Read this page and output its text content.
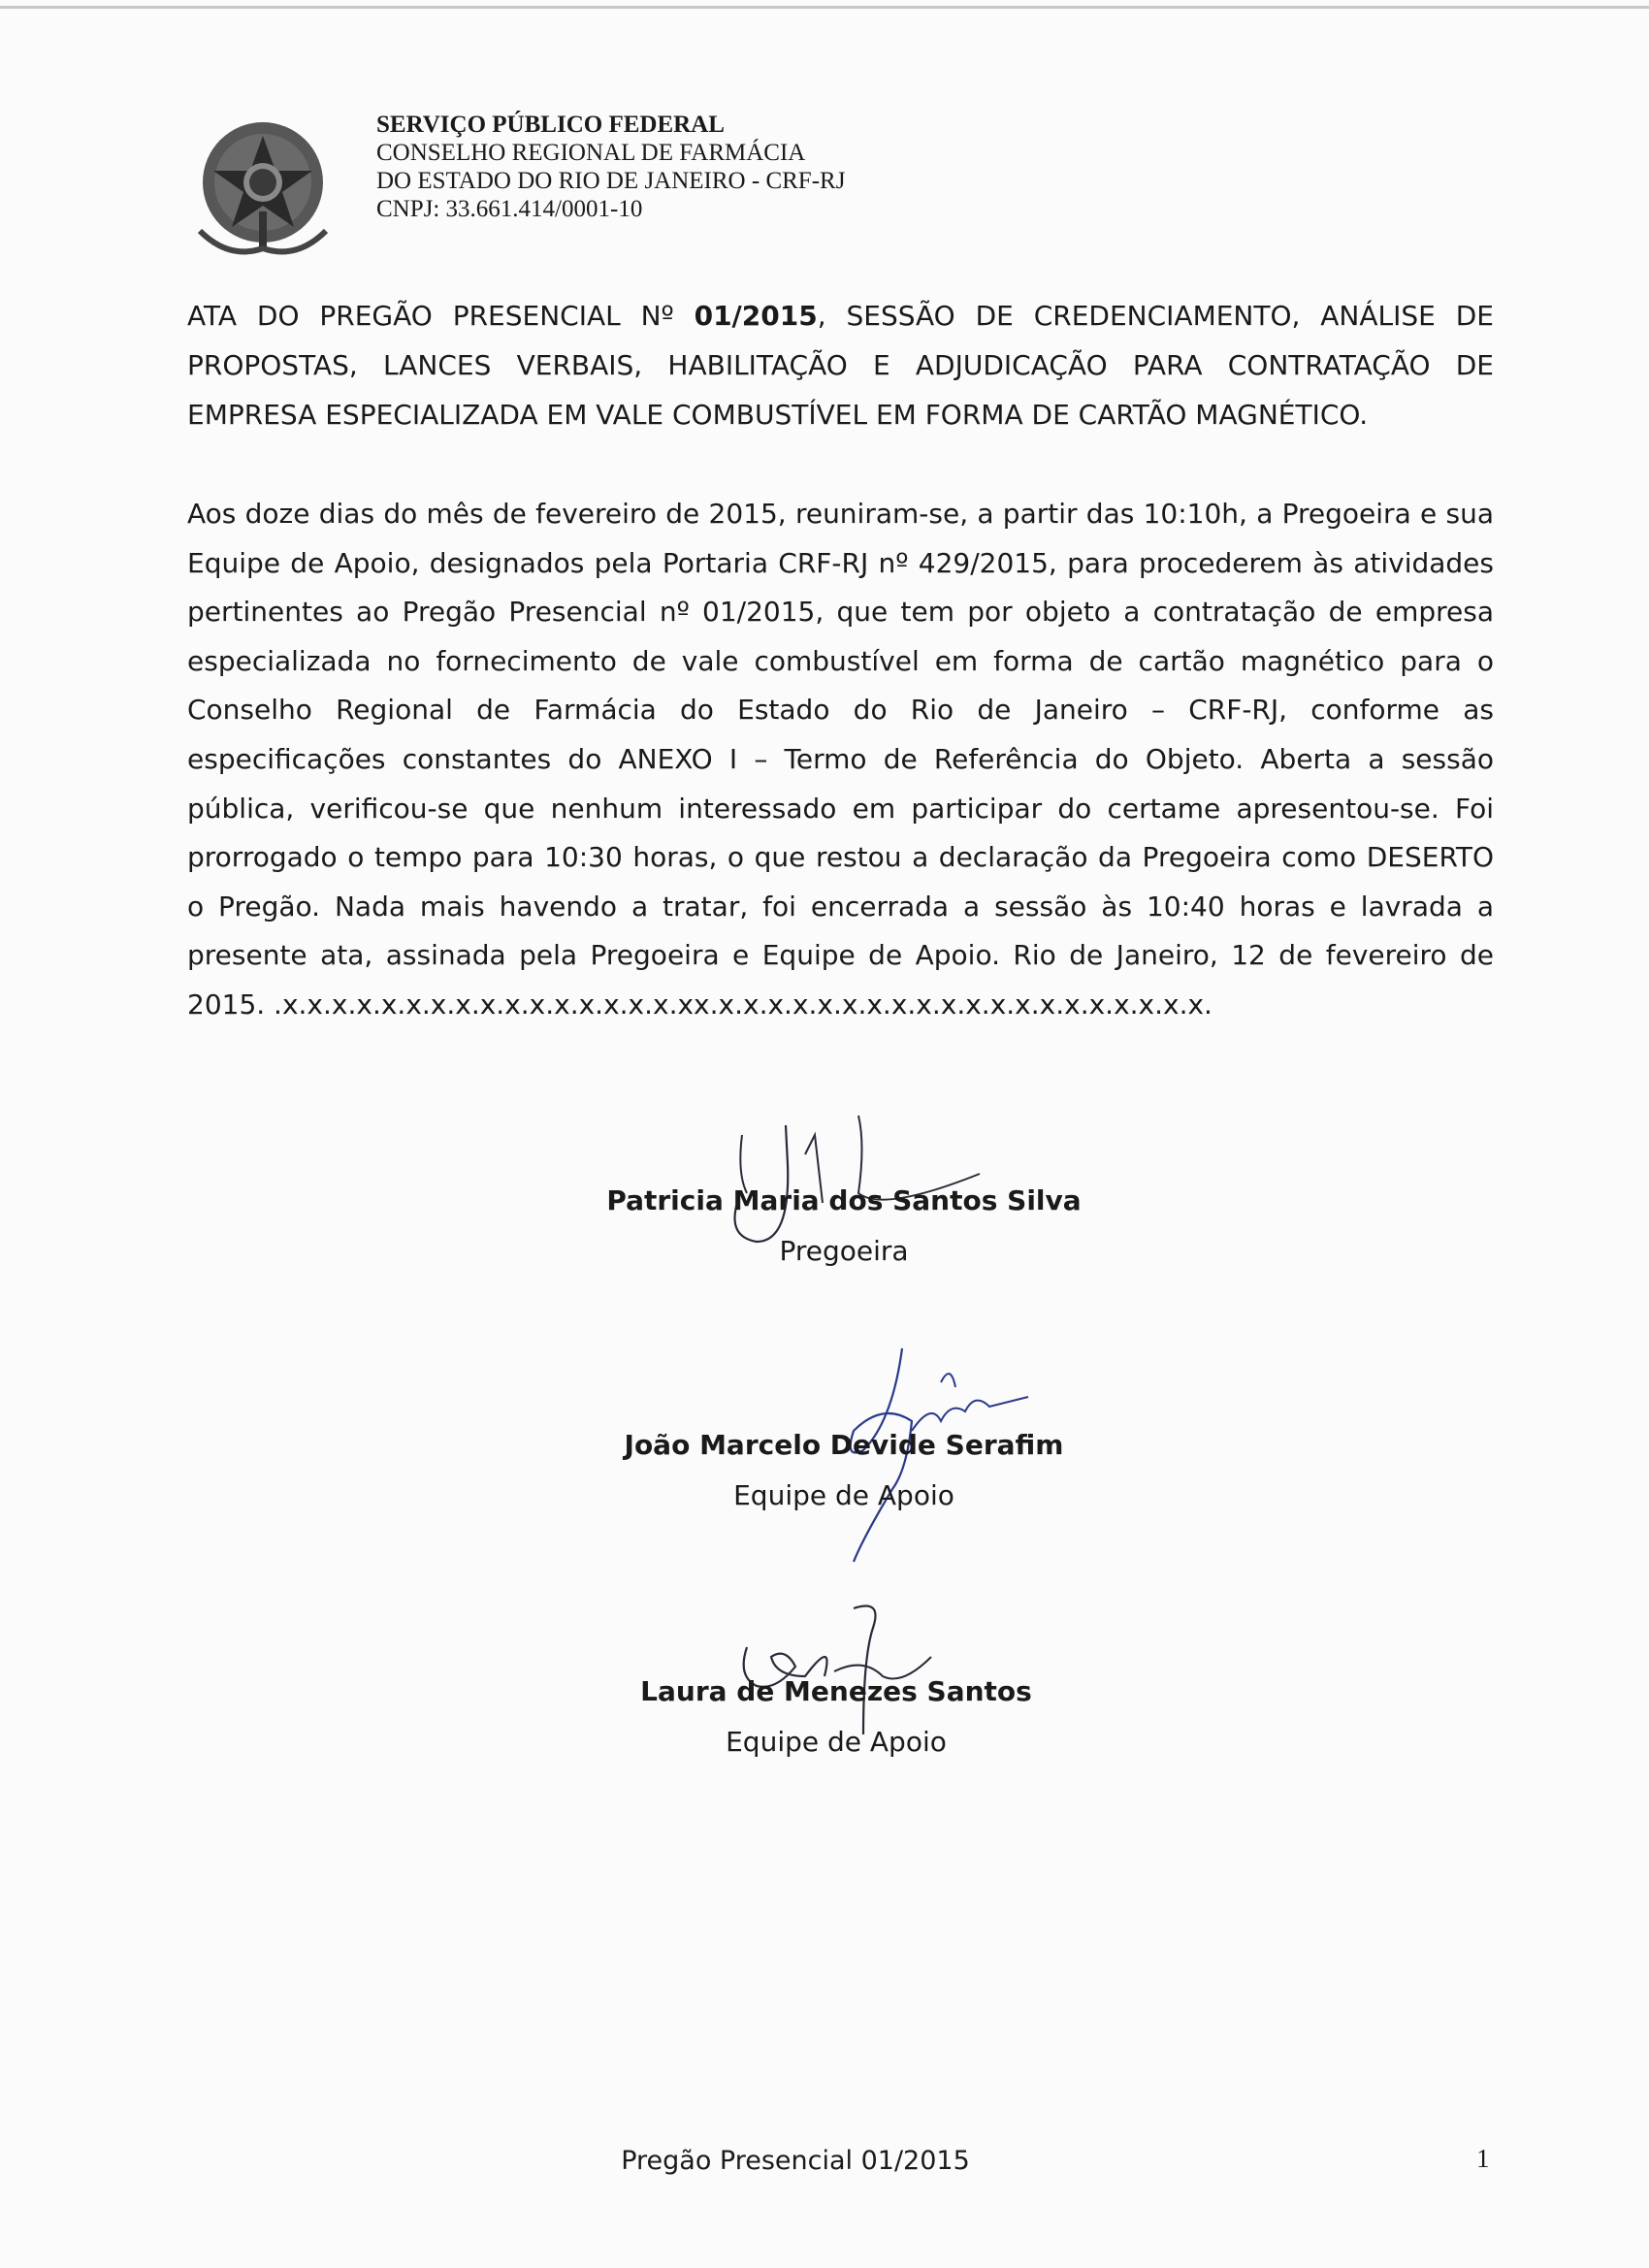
SERVIÇO PÚBLICO FEDERAL
CONSELHO REGIONAL DE FARMÁCIA
DO ESTADO DO RIO DE JANEIRO - CRF-RJ
CNPJ: 33.661.414/0001-10
ATA DO PREGÃO PRESENCIAL Nº 01/2015, SESSÃO DE CREDENCIAMENTO, ANÁLISE DE PROPOSTAS, LANCES VERBAIS, HABILITAÇÃO E ADJUDICAÇÃO PARA CONTRATAÇÃO DE EMPRESA ESPECIALIZADA EM VALE COMBUSTÍVEL EM FORMA DE CARTÃO MAGNÉTICO.
Aos doze dias do mês de fevereiro de 2015, reuniram-se, a partir das 10:10h, a Pregoeira e sua Equipe de Apoio, designados pela Portaria CRF-RJ nº 429/2015, para procederem às atividades pertinentes ao Pregão Presencial nº 01/2015, que tem por objeto a contratação de empresa especializada no fornecimento de vale combustível em forma de cartão magnético para o Conselho Regional de Farmácia do Estado do Rio de Janeiro – CRF-RJ, conforme as especificações constantes do ANEXO I – Termo de Referência do Objeto. Aberta a sessão pública, verificou-se que nenhum interessado em participar do certame apresentou-se. Foi prorrogado o tempo para 10:30 horas, o que restou a declaração da Pregoeira como DESERTO o Pregão. Nada mais havendo a tratar, foi encerrada a sessão às 10:40 horas e lavrada a presente ata, assinada pela Pregoeira e Equipe de Apoio. Rio de Janeiro, 12 de fevereiro de 2015. .x.x.x.x.x.x.x.x.x.x.x.x.x.x.x.x.xx.x.x.x.x.x.x.x.x.x.x.x.x.x.x.x.x.x.x.x.x.
Patricia Maria dos Santos Silva
Pregoeira
João Marcelo Devide Serafim
Equipe de Apoio
Laura de Menezes Santos
Equipe de Apoio
Pregão Presencial 01/2015	1
